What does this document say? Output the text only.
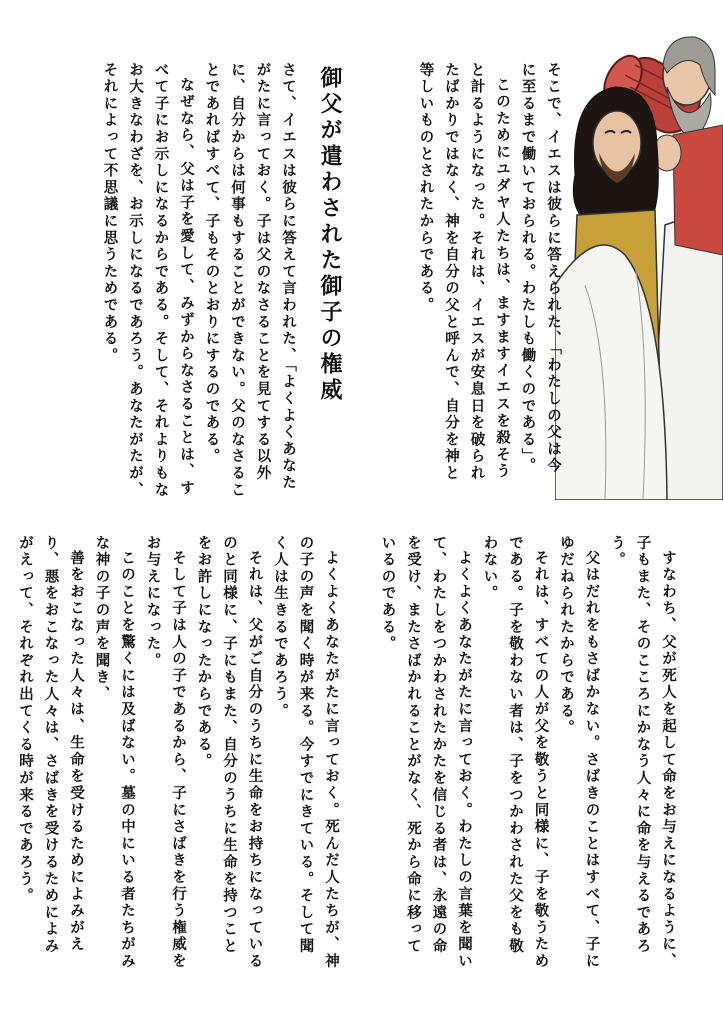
そこで、イエスは彼らに答えられた、「わたしの父は今に至るまで働いておられる。わたしも働くのである」。

このためにユダヤ人たちは、ますますイエスを殺そうと計るようになった。それは、イエスが安息日を破られたばかりではなく、神を自分の父と呼んで、自分を神と等しいものとされたからである。

御父が遣わされた御子の権威

さて、イエスは彼らに答えて言われた、「よくよくあなたがたに言っておく。子は父のなさることを見てする以外に、自分からは何事もすることができない。父のなさることであればすべて、子もそのとおりにするのである。

なぜなら、父は子を愛して、みずからなさることは、すべて子にお示しになるからである。そして、それよりもなお大きなわざを、お示しになるであろう。あなたがたが、それによって不思議に思うためである。

すなわち、父が死人を起して命をお与えになるように、子もまた、そのこころにかなう人々に命を与えるであろう。

父はだれをもさばかない。さばきのことはすべて、子にゆだねられたからである。

それは、すべての人が父を敬うと同様に、子を敬うためである。子を敬わない者は、子をつかわされた父をも敬わない。

よくよくあなたがたに言っておく。わたしの言葉を聞いて、わたしをつかわされたかたを信じる者は、永遠の命を受け、またさばかれることがなく、死から命に移っているのである。

よくよくあなたがたに言っておく。死んだ人たちが、神の子の声を聞く時が来る。今すでにきている。そして聞く人は生きるであろう。

それは、父がご自分のうちに生命をお持ちになっているのと同様に、子にもまた、自分のうちに生命を持つことをお許しになったからである。

そして子は人の子であるから、子にさばきを行う権威をお与えになった。

このことを驚くには及ばない。墓の中にいる者たちがみな神の子の声を聞き、

善をおこなった人々は、生命を受けるためによみがえり、悪をおこなった人々は、さばきを受けるためによみがえって、それぞれ出てくる時が来るであろう。
